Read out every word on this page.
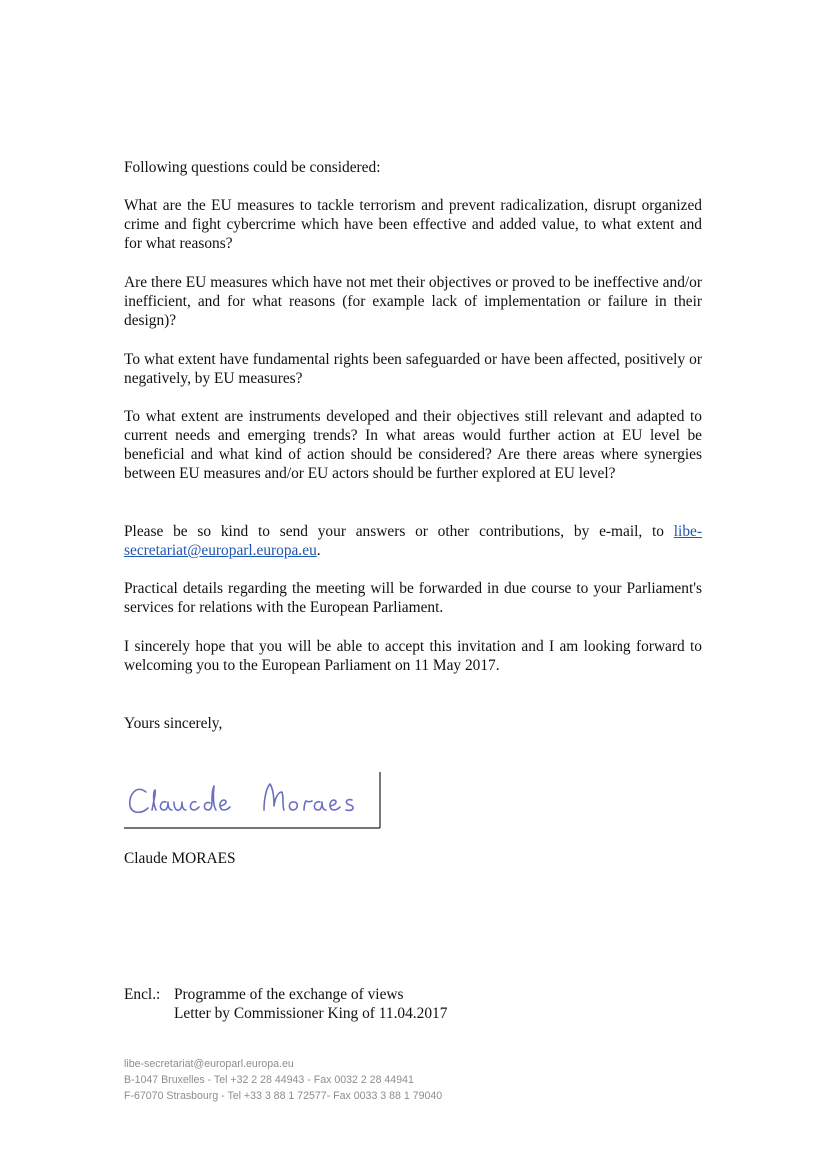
Following questions could be considered:

What are the EU measures to tackle terrorism and prevent radicalization, disrupt organized crime and fight cybercrime which have been effective and added value, to what extent and for what reasons?

Are there EU measures which have not met their objectives or proved to be ineffective and/or inefficient, and for what reasons (for example lack of implementation or failure in their design)?

To what extent have fundamental rights been safeguarded or have been affected, positively or negatively, by EU measures?

To what extent are instruments developed and their objectives still relevant and adapted to current needs and emerging trends? In what areas would further action at EU level be beneficial and what kind of action should be considered? Are there areas where synergies between EU measures and/or EU actors should be further explored at EU level?

Please be so kind to send your answers or other contributions, by e-mail, to libe-secretariat@europarl.europa.eu.

Practical details regarding the meeting will be forwarded in due course to your Parliament's services for relations with the European Parliament.

I sincerely hope that you will be able to accept this invitation and I am looking forward to welcoming you to the European Parliament on 11 May 2017.

Yours sincerely,

Claude MORAES

Encl.: Programme of the exchange of views
Letter by Commissioner King of 11.04.2017
libe-secretariat@europarl.europa.eu
B-1047 Bruxelles - Tel +32 2 28 44943 - Fax 0032 2 28 44941
F-67070 Strasbourg - Tel +33 3 88 1 72577- Fax 0033 3 88 1 79040
